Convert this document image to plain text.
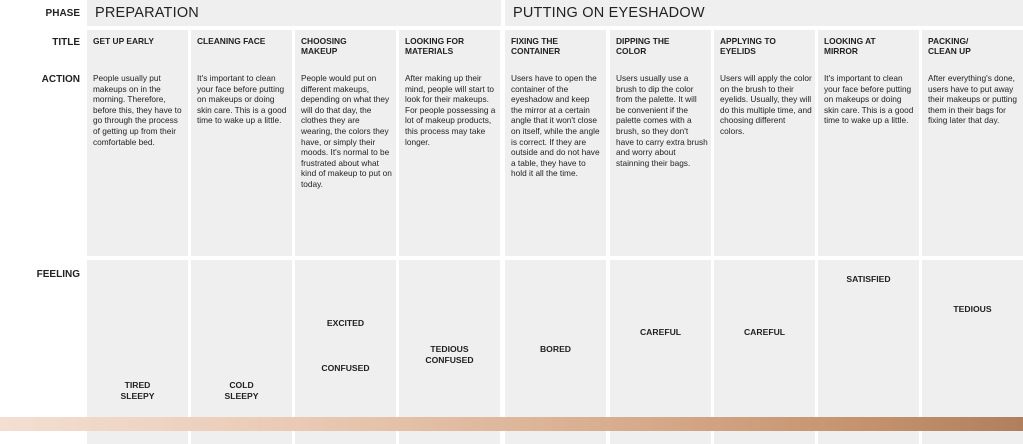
PHASE
TITLE
ACTION
FEELING
PREPARATION	PUTTING ON EYESHADOW
GET UP EARLY
People usually put makeups on in the morning. Therefore, before this, they have to go through the process of getting up from their comfortable bed.
TIRED
SLEEPY
CLEANING FACE
It's important to clean your face before putting on makeups or doing skin care. This is a good time to wake up a little.
COLD
SLEEPY
CHOOSING MAKEUP
People would put on different makeups, depending on what they will do that day, the clothes they are wearing, the colors they have, or simply their moods. It's normal to be frustrated about what kind of makeup to put on today.
EXCITED
CONFUSED
LOOKING FOR MATERIALS
After making up their mind, people will start to look for their makeups. For people possessing a lot of makeup products, this process may take longer.
TEDIOUS
CONFUSED
FIXING THE CONTAINER
Users have to open the container of the eyeshadow and keep the mirror at a certain angle that it won't close on itself, while the angle is correct. If they are outside and do not have a table, they have to hold it all the time.
BORED
DIPPING THE COLOR
Users usually use a brush to dip the color from the palette. It will be convenient if the palette comes with a brush, so they don't have to carry extra brush and worry about stainning their bags.
CAREFUL
APPLYING TO EYELIDS
Users will apply the color on the brush to their eyelids. Usually, they will do this multiple time, and choosing different colors.
CAREFUL
LOOKING AT MIRROR
It's important to clean your face before putting on makeups or doing skin care. This is a good time to wake up a little.
SATISFIED
PACKING/ CLEAN UP
After everything's done, users have to put away their makeups or putting them in their bags for fixing later that day.
TEDIOUS
